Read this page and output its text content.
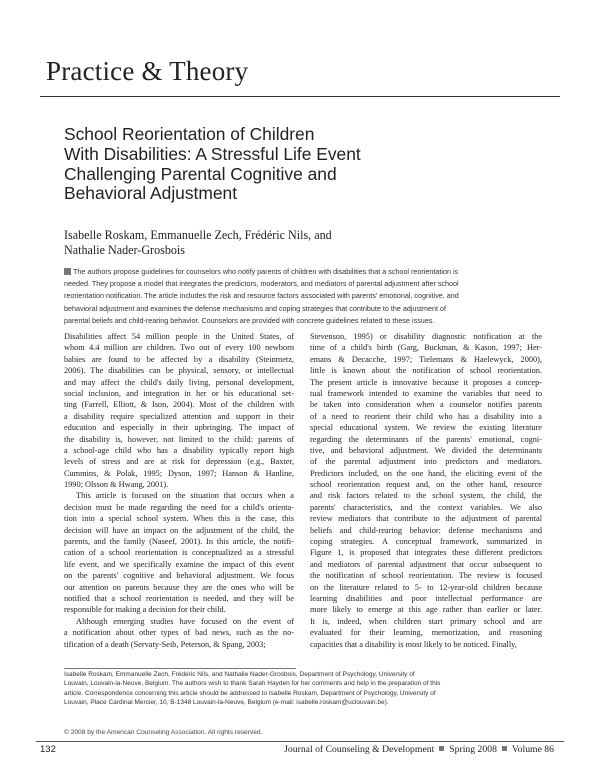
Practice & Theory
School Reorientation of Children
With Disabilities: A Stressful Life Event
Challenging Parental Cognitive and
Behavioral Adjustment
Isabelle Roskam, Emmanuelle Zech, Frédéric Nils, and
Nathalie Nader-Grosbois
The authors propose guidelines for counselors who notify parents of children with disabilities that a school reorientation is
needed. They propose a model that integrates the predictors, moderators, and mediators of parental adjustment after school
reorientation notification. The article includes the risk and resource factors associated with parents' emotional, cognitive, and
behavioral adjustment and examines the defense mechanisms and coping strategies that contribute to the adjustment of
parental beliefs and child-rearing behavior. Counselors are provided with concrete guidelines related to these issues.
Disabilities affect 54 million people in the United States, of
whom 4.4 million are children. Two out of every 100 newborn
babies are found to be affected by a disability (Steinmetz,
2006). The disabilities can be physical, sensory, or intellectual
and may affect the child's daily living, personal development,
social inclusion, and integration in her or his educational set-
ting (Farrell, Elliott, & Ison, 2004). Most of the children with
a disability require specialized attention and support in their
education and especially in their upbringing. The impact of
the disability is, however, not limited to the child: parents of
a school-age child who has a disability typically report high
levels of stress and are at risk for depression (e.g., Baxter,
Cummins, & Polak, 1995; Dyson, 1997; Hanson & Hanline,
1990; Olsson & Hwang, 2001).
This article is focused on the situation that occurs when a
decision must be made regarding the need for a child's orienta-
tion into a special school system. When this is the case, this
decision will have an impact on the adjustment of the child, the
parents, and the family (Naseef, 2001). In this article, the notifi-
cation of a school reorientation is conceptualized as a stressful
life event, and we specifically examine the impact of this event
on the parents' cognitive and behavioral adjustment. We focus
our attention on parents because they are the ones who will be
notified that a school reorientation is needed, and they will be
responsible for making a decision for their child.
Although emerging studies have focused on the event of
a notification about other types of bad news, such as the no-
tification of a death (Servaty-Seib, Peterson, & Spang, 2003;
Stevenson, 1995) or disability diagnostic notification at the
time of a child's birth (Garg, Buckman, & Kason, 1997; Her-
emans & Decacche, 1997; Tielemans & Haelewyck, 2000),
little is known about the notification of school reorientation.
The present article is innovative because it proposes a concep-
tual framework intended to examine the variables that need to
be taken into consideration when a counselor notifies parents
of a need to reorient their child who has a disability into a
special educational system. We review the existing literature
regarding the determinants of the parents' emotional, cogni-
tive, and behavioral adjustment. We divided the determinants
of the parental adjustment into predictors and mediators.
Predictors included, on the one hand, the eliciting event of the
school reorientation request and, on the other hand, resource
and risk factors related to the school system, the child, the
parents' characteristics, and the context variables. We also
review mediators that contribute to the adjustment of parental
beliefs and child-rearing behavior: defense mechanisms and
coping strategies. A conceptual framework, summarized in
Figure 1, is proposed that integrates these different predictors
and mediators of parental adjustment that occur subsequent to
the notification of school reorientation. The review is focused
on the literature related to 5- to 12-year-old children because
learning disabilities and poor intellectual performance are
more likely to emerge at this age rather than earlier or later.
It is, indeed, when children start primary school and are
evaluated for their learning, memorization, and reasoning
capacities that a disability is most likely to be noticed. Finally,
Isabelle Roskam, Emmanuelle Zech, Frédéric Nils, and Nathalie Nader-Grosbois, Department of Psychology, University of
Louvain, Louvain-la-Neuve, Belgium. The authors wish to thank Sarah Hayden for her comments and help in the preparation of this
article. Correspondence concerning this article should be addressed to Isabelle Roskam, Department of Psychology, University of
Louvain, Place Cardinal Mercier, 10, B-1348 Louvain-la-Neuve, Belgium (e-mail: isabelle.roskam@uclouvain.be).
© 2008 by the American Counseling Association. All rights reserved.
132	Journal of Counseling & Development Spring 2008 Volume 86
